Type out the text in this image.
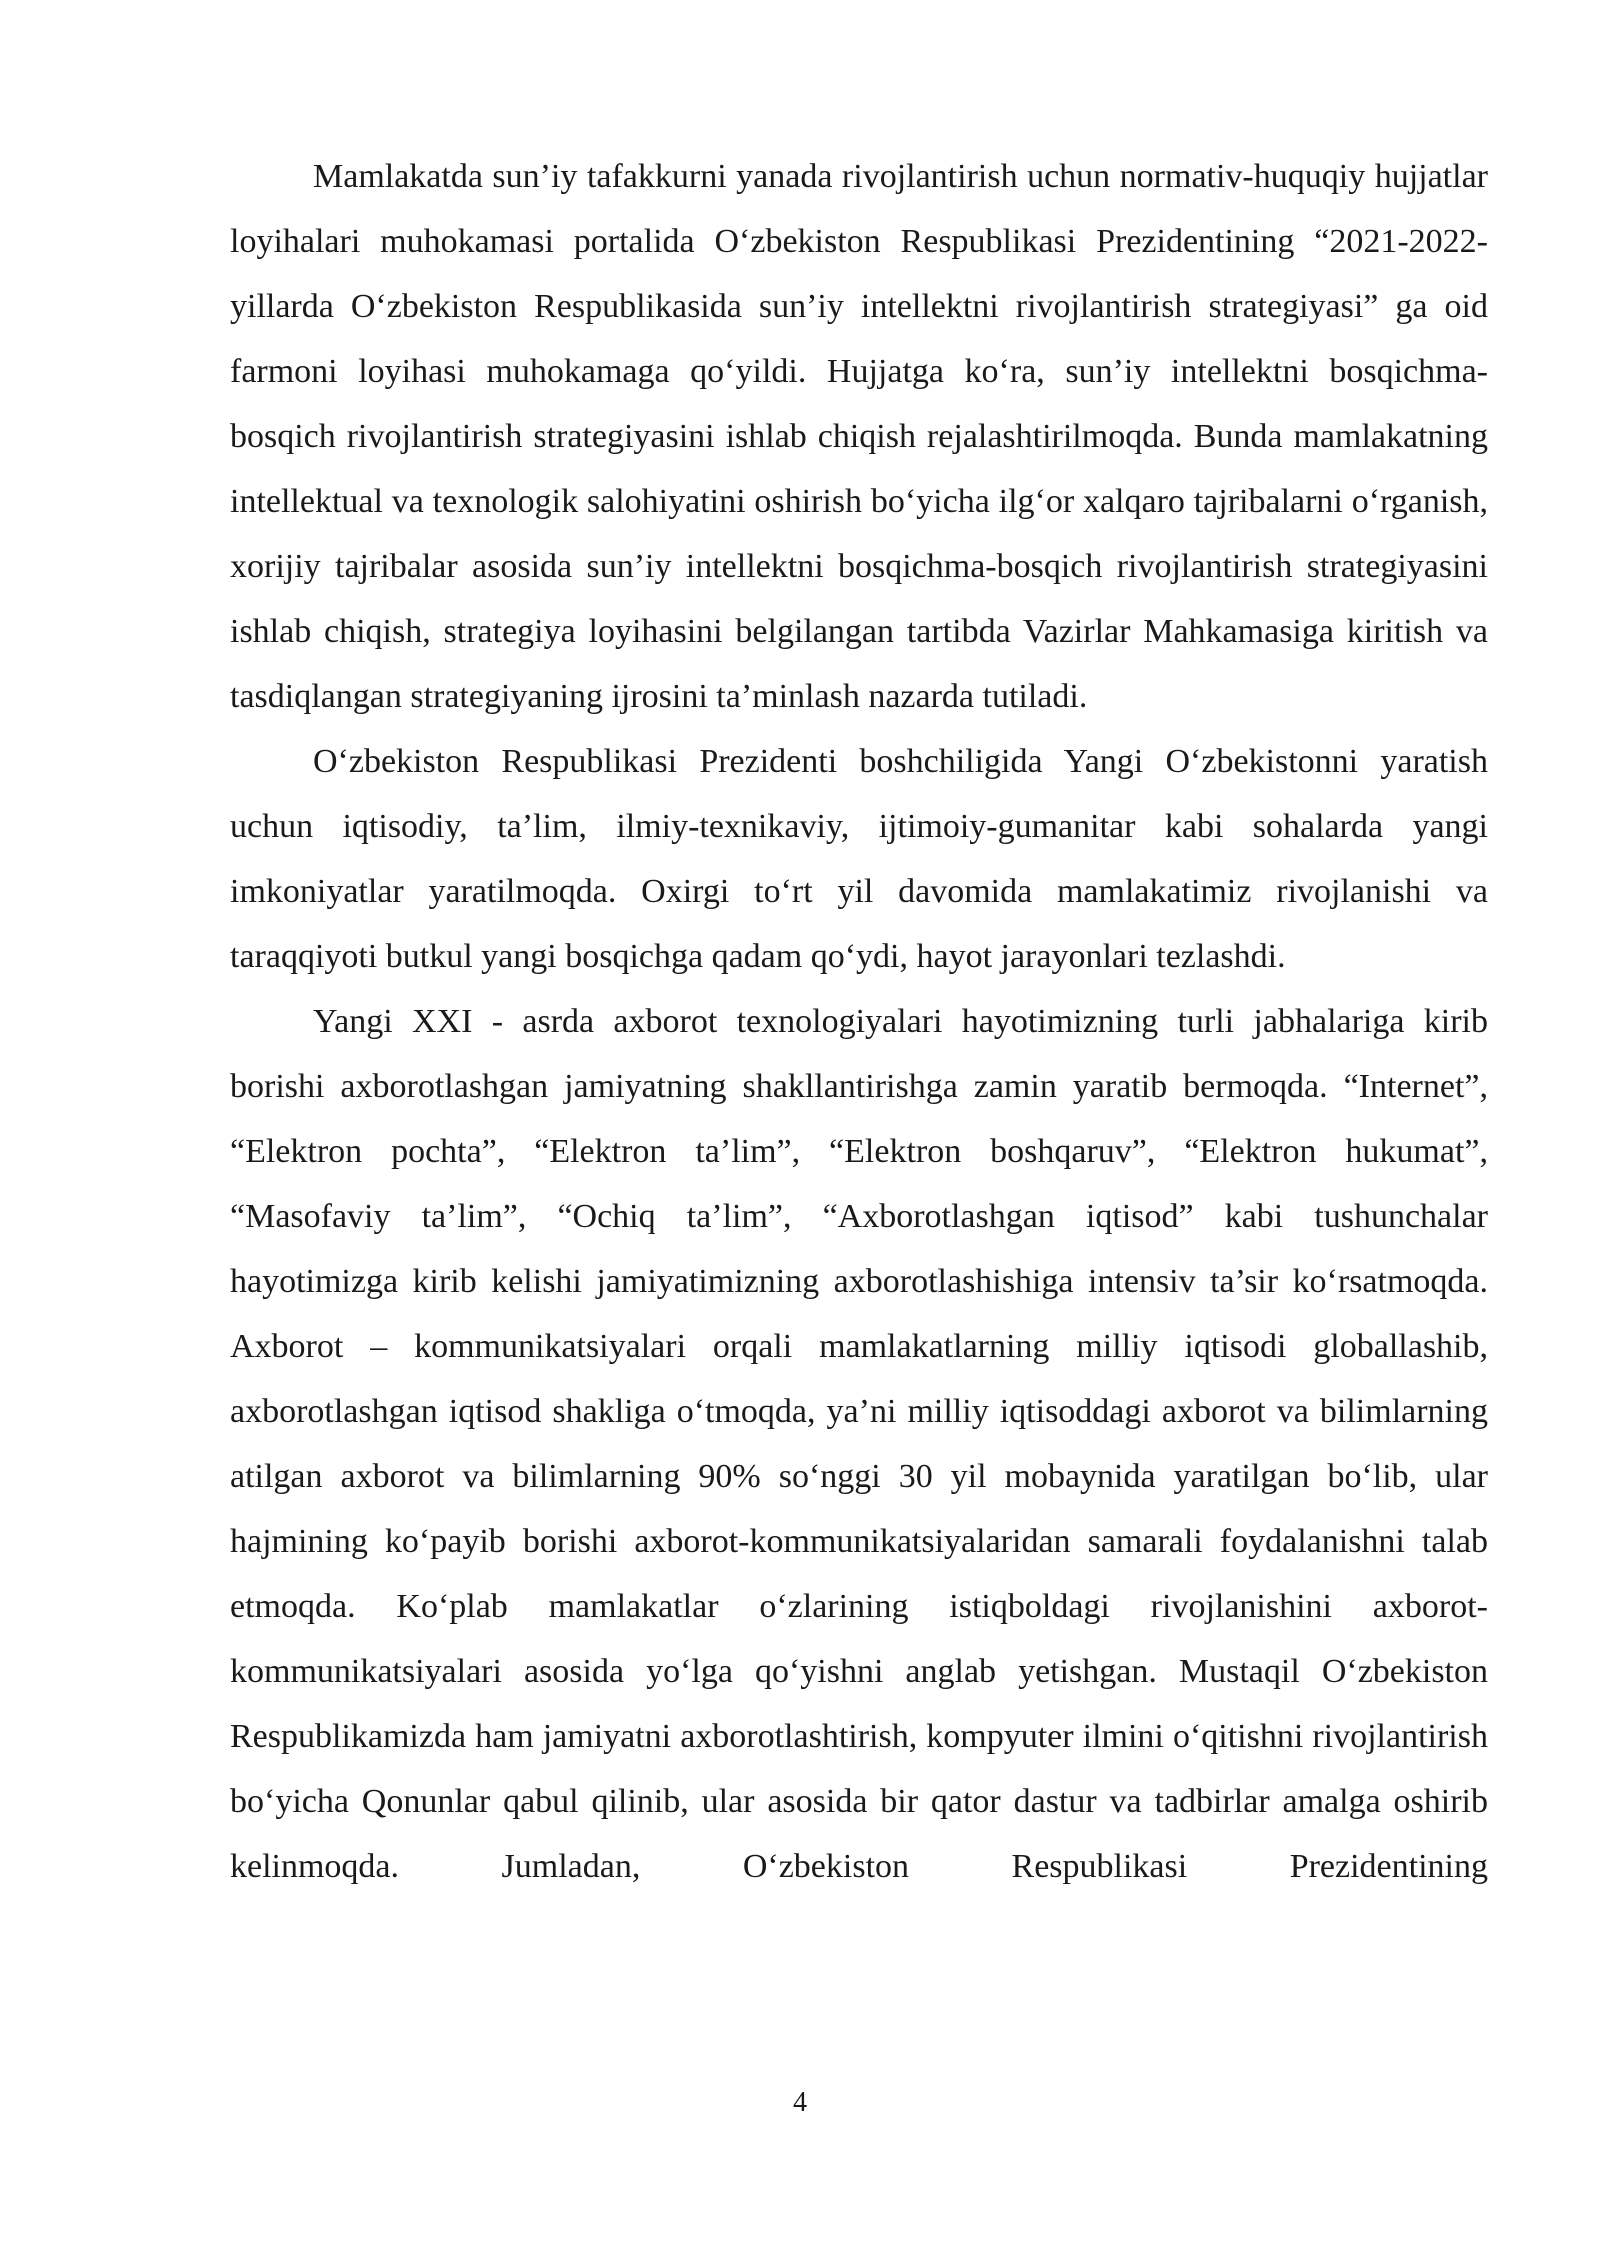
Mamlakatda sun’iy tafakkurni yanada rivojlantirish uchun normativ-huquqiy hujjatlar loyihalari muhokamasi portalida O‘zbekiston Respublikasi Prezidentining “2021-2022-yillarda O‘zbekiston Respublikasida sun’iy intellektni rivojlantirish strategiyasi” ga oid farmoni loyihasi muhokamaga qo‘yildi. Hujjatga ko‘ra, sun’iy intellektni bosqichma-bosqich rivojlantirish strategiyasini ishlab chiqish rejalashtirilmoqda. Bunda mamlakatning intellektual va texnologik salohiyatini oshirish bo‘yicha ilg‘or xalqaro tajribalarni o‘rganish, xorijiy tajribalar asosida sun’iy intellektni bosqichma-bosqich rivojlantirish strategiyasini ishlab chiqish, strategiya loyihasini belgilangan tartibda Vazirlar Mahkamasiga kiritish va tasdiqlangan strategiyaning ijrosini ta’minlash nazarda tutiladi.

O‘zbekiston Respublikasi Prezidenti boshchiligida Yangi O‘zbekistonni yaratish uchun iqtisodiy, ta’lim, ilmiy-texnikaviy, ijtimoiy-gumanitar kabi sohalarda yangi imkoniyatlar yaratilmoqda. Oxirgi to‘rt yil davomida mamlakatimiz rivojlanishi va taraqqiyoti butkul yangi bosqichga qadam qo‘ydi, hayot jarayonlari tezlashdi.

Yangi XXI - asrda axborot texnologiyalari hayotimizning turli jabhalariga kirib borishi axborotlashgan jamiyatning shakllantirishga zamin yaratib bermoqda. “Internet”, “Elektron pochta”, “Elektron ta’lim”, “Elektron boshqaruv”, “Elektron hukumat”, “Masofaviy ta’lim”, “Ochiq ta’lim”, “Axborotlashgan iqtisod” kabi tushunchalar hayotimizga kirib kelishi jamiyatimizning axborotlashishiga intensiv ta’sir ko‘rsatmoqda. Axborot – kommunikatsiyalari orqali mamlakatlarning milliy iqtisodi globallashib, axborotlashgan iqtisod shakliga o‘tmoqda, ya’ni milliy iqtisoddagi axborot va bilimlarning atilgan axborot va bilimlarning 90% so‘nggi 30 yil mobaynida yaratilgan bo‘lib, ular hajmining ko‘payib borishi axborot-kommunikatsiyalaridan samarali foydalanishni talab etmoqda. Ko‘plab mamlakatlar o‘zlarining istiqboldagi rivojlanishini axborot-kommunikatsiyalari asosida yo‘lga qo‘yishni anglab yetishgan. Mustaqil O‘zbekiston Respublikamizda ham jamiyatni axborotlashtirish, kompyuter ilmini o‘qitishni rivojlantirish bo‘yicha Qonunlar qabul qilinib, ular asosida bir qator dastur va tadbirlar amalga oshirib kelinmoqda. Jumladan, O‘zbekiston Respublikasi Prezidentining

4
